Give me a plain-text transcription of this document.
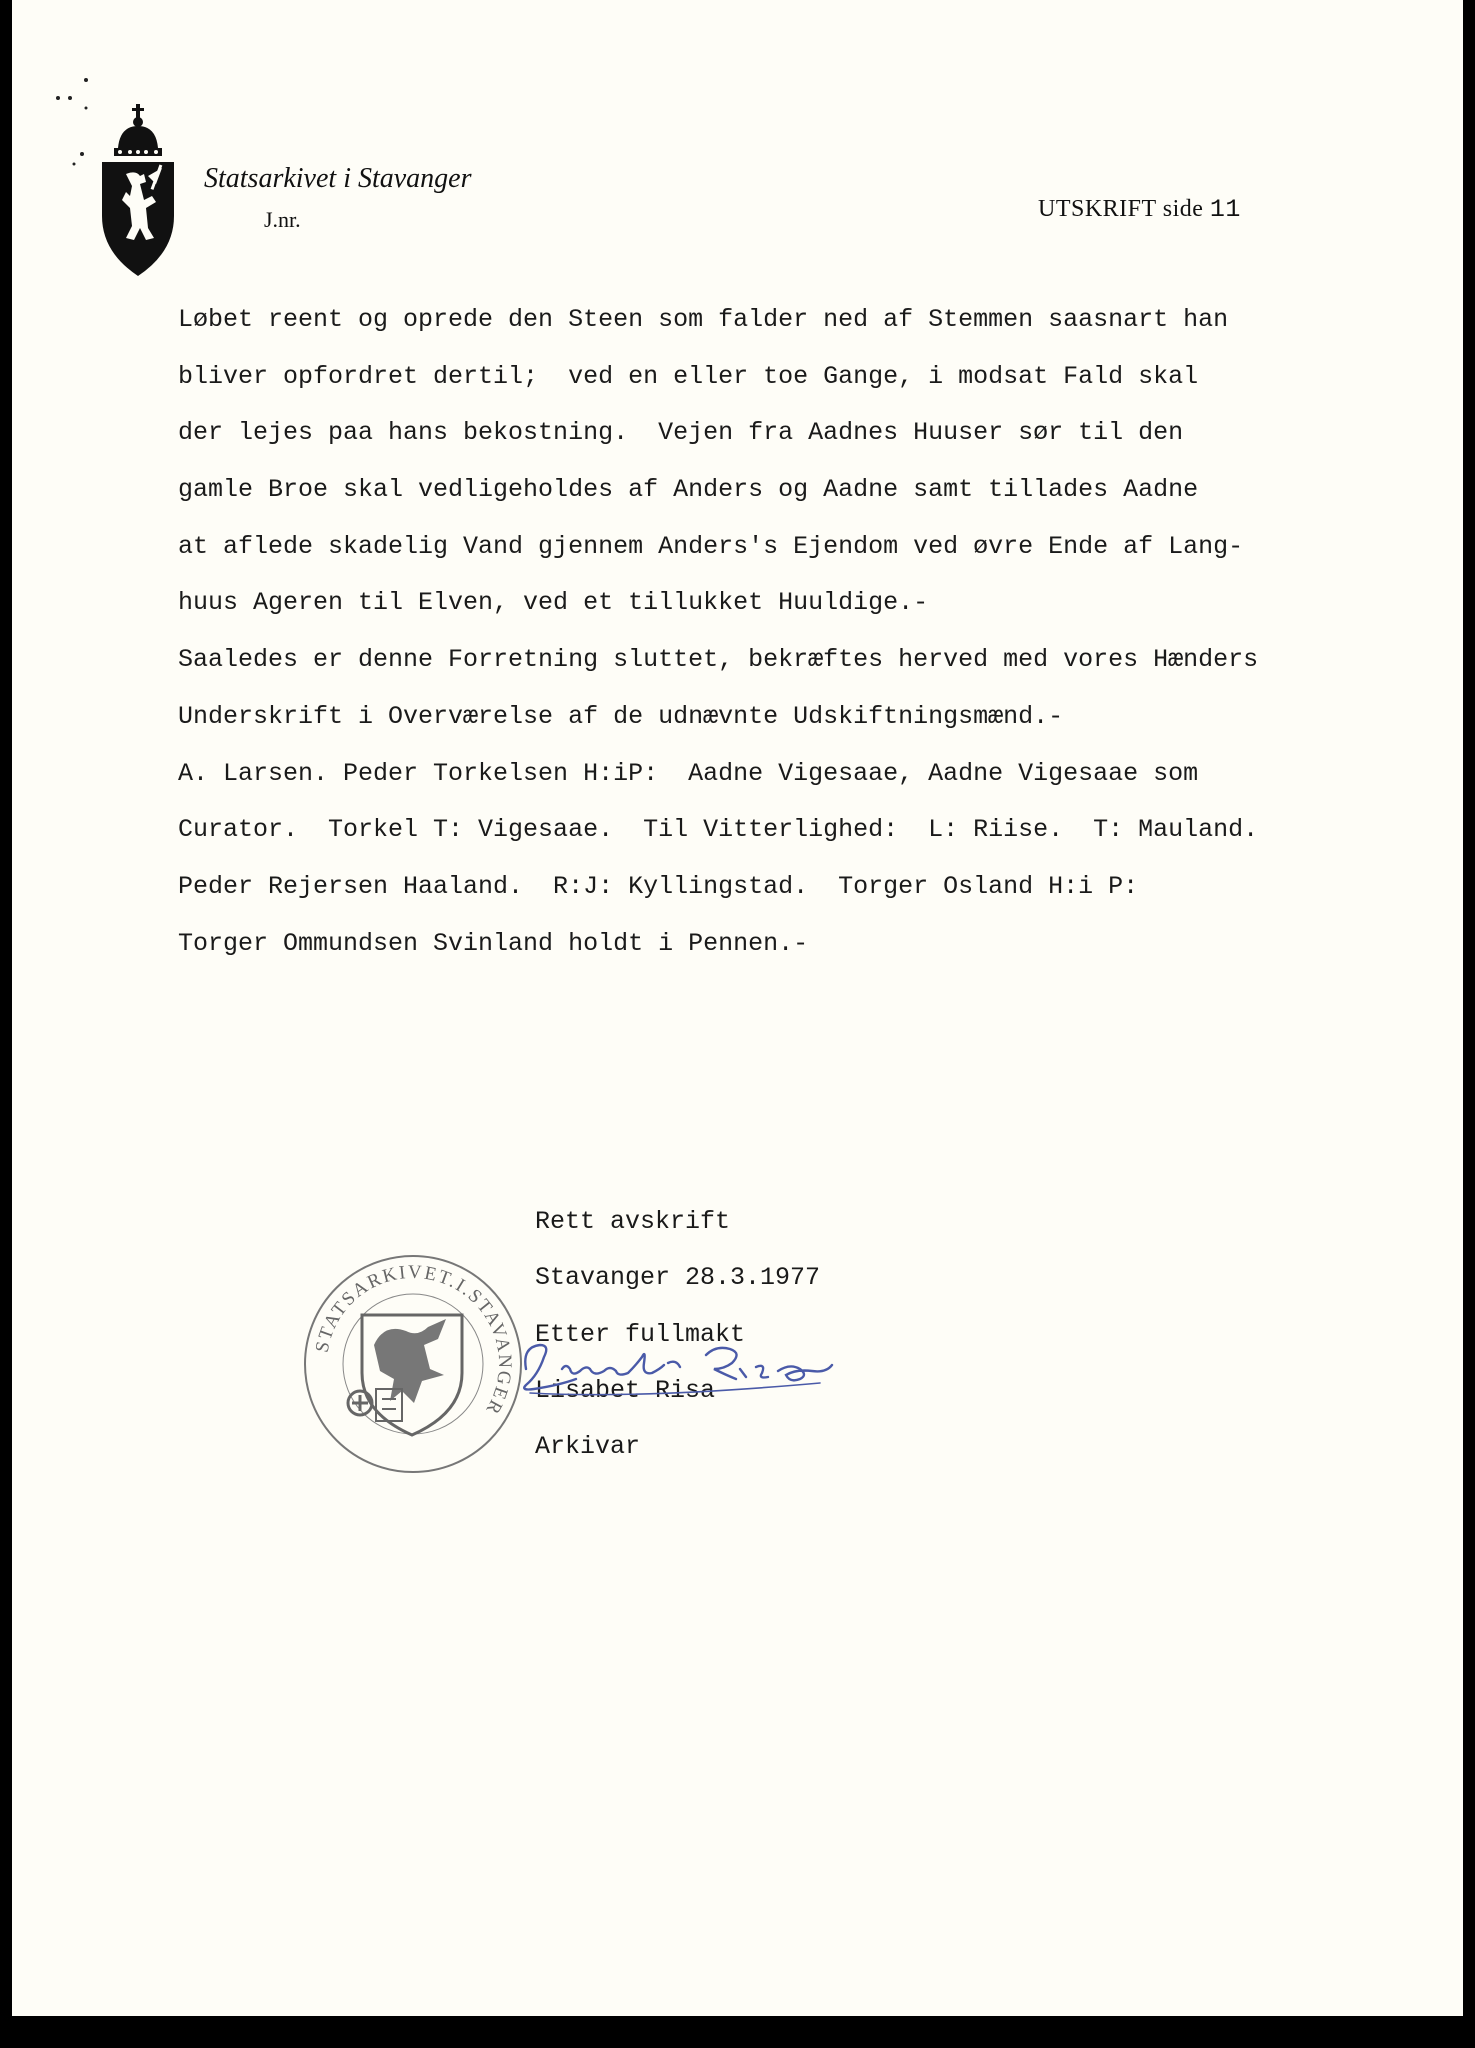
Statsarkivet i Stavanger
J.nr.	UTSKRIFT side 11
Løbet reent og oprede den Steen som falder ned af Stemmen saasnart han
bliver opfordret dertil;  ved en eller toe Gange, i modsat Fald skal
der lejes paa hans bekostning.  Vejen fra Aadnes Huuser sør til den
gamle Broe skal vedligeholdes af Anders og Aadne samt tillades Aadne
at aflede skadelig Vand gjennem Anders's Ejendom ved øvre Ende af Lang-
huus Ageren til Elven, ved et tillukket Huuldige.-
Saaledes er denne Forretning sluttet, bekræftes herved med vores Hænders
Underskrift i Overværelse af de udnævnte Udskiftningsmænd.-
A. Larsen. Peder Torkelsen H:iP:  Aadne Vigesaae, Aadne Vigesaae som
Curator.  Torkel T: Vigesaae.  Til Vitterlighed:  L: Riise.  T: Mauland.
Peder Rejersen Haaland.  R:J: Kyllingstad.  Torger Osland H:i P:
Torger Ommundsen Svinland holdt i Pennen.-
STATSARKIVET.I.STAVANGER
Rett avskrift
Stavanger 28.3.1977
Etter fullmakt
Lisabet Risa
Arkivar
